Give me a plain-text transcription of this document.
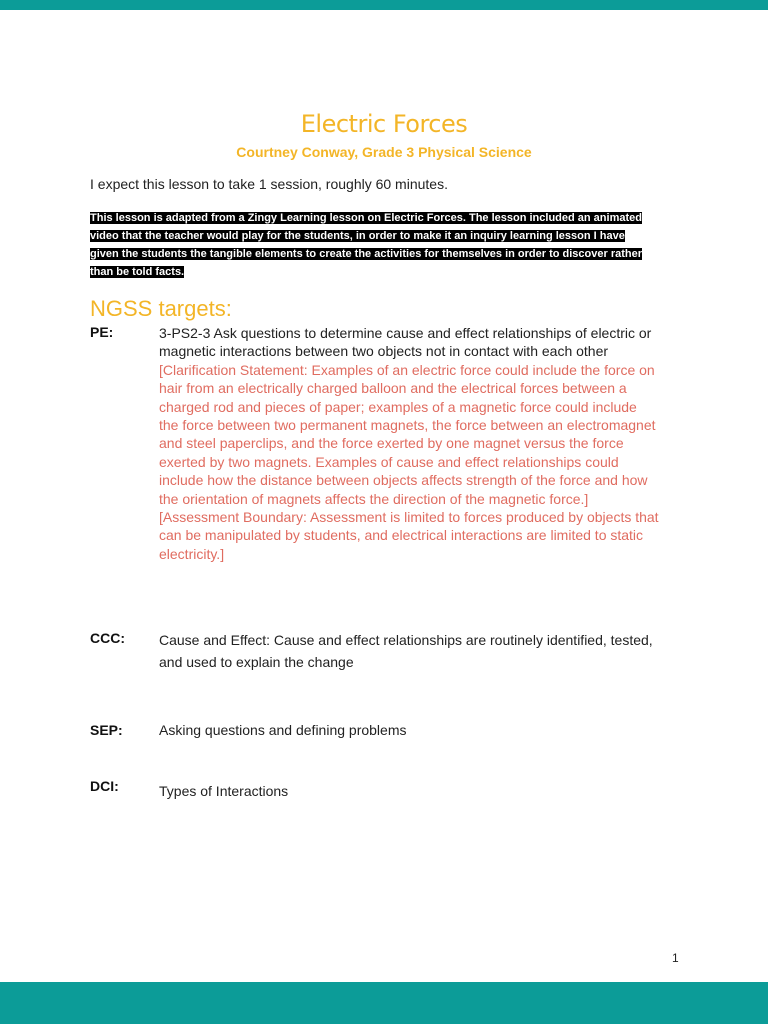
Electric Forces
Courtney Conway, Grade 3 Physical Science
I expect this lesson to take 1 session, roughly 60 minutes.
This lesson is adapted from a Zingy Learning lesson on Electric Forces. The lesson included an animated video that the teacher would play for the students, in order to make it an inquiry learning lesson I have given the students the tangible elements to create the activities for themselves in order to discover rather than be told facts.
NGSS targets:
PE:	3-PS2-3 Ask questions to determine cause and effect relationships of electric or magnetic interactions between two objects not in contact with each other
[Clarification Statement: Examples of an electric force could include the force on hair from an electrically charged balloon and the electrical forces between a charged rod and pieces of paper; examples of a magnetic force could include the force between two permanent magnets, the force between an electromagnet and steel paperclips, and the force exerted by one magnet versus the force exerted by two magnets. Examples of cause and effect relationships could include how the distance between objects affects strength of the force and how the orientation of magnets affects the direction of the magnetic force.] [Assessment Boundary: Assessment is limited to forces produced by objects that can be manipulated by students, and electrical interactions are limited to static electricity.]
CCC: Cause and Effect: Cause and effect relationships are routinely identified, tested, and used to explain the change
SEP:	Asking questions and defining problems
DCI:	Types of Interactions
1
